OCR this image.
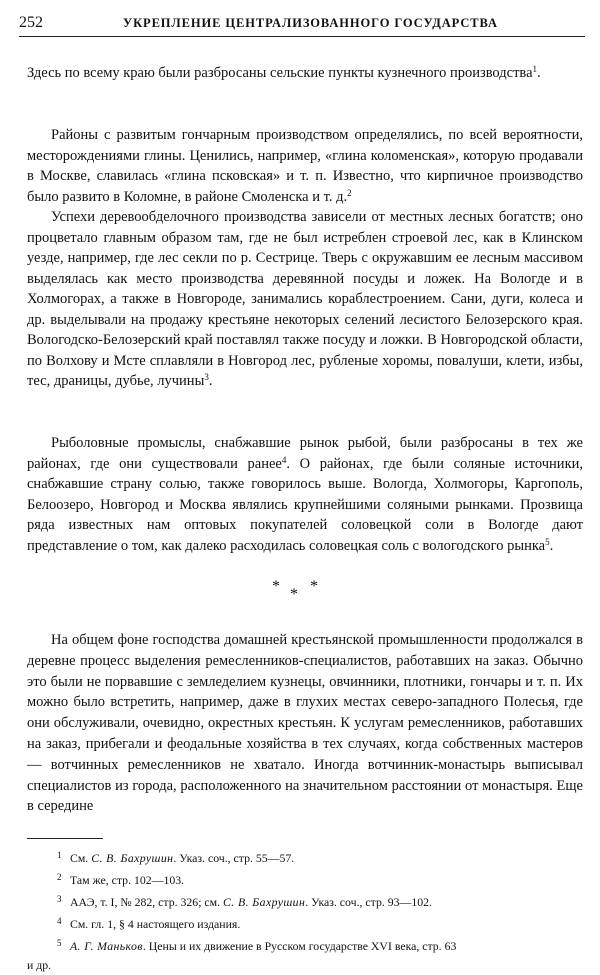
252	УКРЕПЛЕНИЕ ЦЕНТРАЛИЗОВАННОГО ГОСУДАРСТВА

Здесь по всему краю были разбросаны сельские пункты кузнечного производства$^1$.

Районы с развитым гончарным производством определялись, по всей вероятности, месторождениями глины. Ценились, например, «глина коломенская», которую продавали в Москве, славилась «глина псковская» и т. п. Известно, что кирпичное производство было развито в Коломне, в районе Смоленска и т. д.$^2$

Успехи деревообделочного производства зависели от местных лесных богатств; оно процветало главным образом там, где не был истреблен строевой лес, как в Клинском уезде, например, где лес секли по р. Сестрице. Тверь с окружавшим ее лесным массивом выделялась как место производства деревянной посуды и ложек. На Вологде и в Холмогорах, а также в Новгороде, занимались кораблестроением. Сани, дуги, колеса и др. выделывали на продажу крестьяне некоторых селений лесистого Белозерского края. Вологодско-Белозерский край поставлял также посуду и ложки. В Новгородской области, по Волхову и Мсте сплавляли в Новгород лес, рубленые хоромы, повалуши, клети, избы, тес, драницы, дубье, лучины$^3$.

Рыболовные промыслы, снабжавшие рынок рыбой, были разбросаны в тех же районах, где они существовали ранее$^4$. О районах, где были соляные источники, снабжавшие страну солью, также говорилось выше. Вологда, Холмогоры, Каргополь, Белоозеро, Новгород и Москва являлись крупнейшими соляными рынками. Прозвища ряда известных нам оптовых покупателей соловецкой соли в Вологде дают представление о том, как далеко расходилась соловецкая соль с вологодского рынка$^5$.

* * *

На общем фоне господства домашней крестьянской промышленности продолжался в деревне процесс выделения ремесленников-специалистов, работавших на заказ. Обычно это были не порвавшие с земледелием кузнецы, овчинники, плотники, гончары и т. п. Их можно было встретить, например, даже в глухих местах северо-западного Полесья, где они обслуживали, очевидно, окрестных крестьян. К услугам ремесленников, работавших на заказ, прибегали и феодальные хозяйства в тех случаях, когда собственных мастеров — вотчинных ремесленников не хватало. Иногда вотчинник-монастырь выписывал специалистов из города, расположенного на значительном расстоянии от монастыря. Еще в середине

1 См. С. В. Бахрушин. Указ. соч., стр. 55—57.

2 Там же, стр. 102—103.

3 ААЭ, т. I, № 282, стр. 326; см. С. В. Бахрушин. Указ. соч., стр. 93—102.

4 См. гл. 1, § 4 настоящего издания.

5 А. Г. Маньков. Цены и их движение в Русском государстве XVI века, стр. 63

и др.
